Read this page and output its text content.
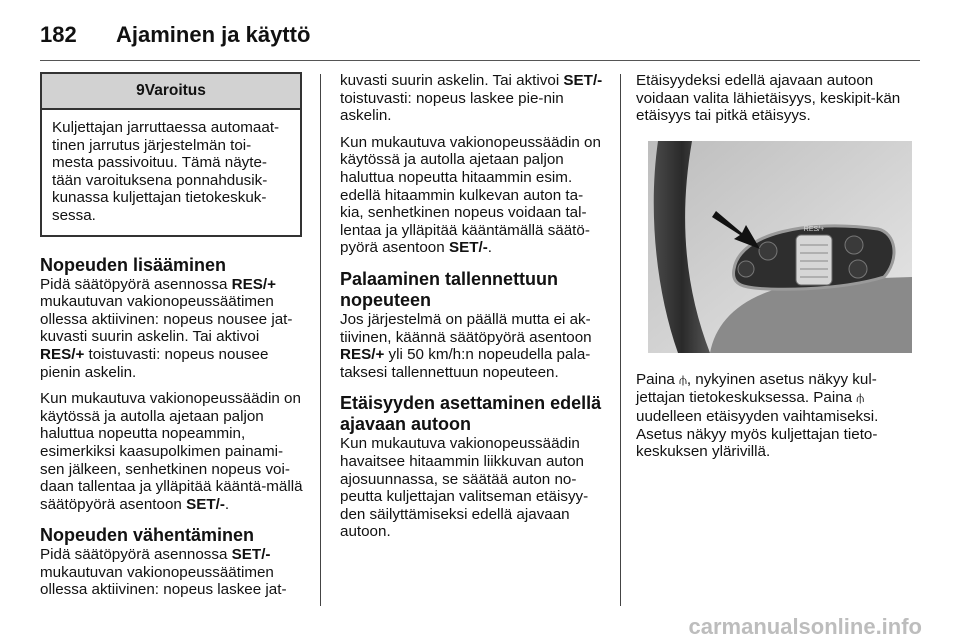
182 Ajaminen ja käyttö
9Varoitus
Kuljettajan jarruttaessa automaat-tinen jarrutus järjestelmän toi-mesta passivoituu. Tämä näyte-tään varoituksena ponnahdusik-kunassa kuljettajan tietokeskuk-sessa.
Nopeuden lisääminen

Pidä säätöpyörä asennossa RES/+ mukautuvan vakionopeussäätimen ollessa aktiivinen: nopeus nousee jat-kuvasti suurin askelin. Tai aktivoi RES/+ toistuvasti: nopeus nousee pienin askelin.

Kun mukautuva vakionopeussäädin on käytössä ja autolla ajetaan paljon haluttua nopeutta nopeammin, esimerkiksi kaasupolkimen painami-sen jälkeen, senhetkinen nopeus voi-daan tallentaa ja ylläpitää kääntä-mällä säätöpyörä asentoon SET/-.

Nopeuden vähentäminen

Pidä säätöpyörä asennossa SET/- mukautuvan vakionopeussäätimen ollessa aktiivinen: nopeus laskee jat-

kuvasti suurin askelin. Tai aktivoi SET/- toistuvasti: nopeus laskee pie-nin askelin.

Kun mukautuva vakionopeussäädin on käytössä ja autolla ajetaan paljon haluttua nopeutta hitaammin esim. edellä hitaammin kulkevan auton ta-kia, senhetkinen nopeus voidaan tal-lentaa ja ylläpitää kääntämällä säätö-pyörä asentoon SET/-.

Palaaminen tallennettuun nopeuteen

Jos järjestelmä on päällä mutta ei ak-tiivinen, käännä säätöpyörä asentoon RES/+ yli 50 km/h:n nopeudella pala-taksesi tallennettuun nopeuteen.

Etäisyyden asettaminen edellä ajavaan autoon

Kun mukautuva vakionopeussäädin havaitsee hitaammin liikkuvan auton ajosuunnassa, se säätää auton no-peutta kuljettajan valitseman etäisyy-den säilyttämiseksi edellä ajavaan autoon.

Etäisyydeksi edellä ajavaan autoon voidaan valita lähietäisyys, keskipit-kän etäisyys tai pitkä etäisyys.

RES/+

Paina ⫛, nykyinen asetus näkyy kul-jettajan tietokeskuksessa. Paina ⫛ uudelleen etäisyyden vaihtamiseksi. Asetus näkyy myös kuljettajan tieto-keskuksen ylärivillä.

carmanualsonline.info
